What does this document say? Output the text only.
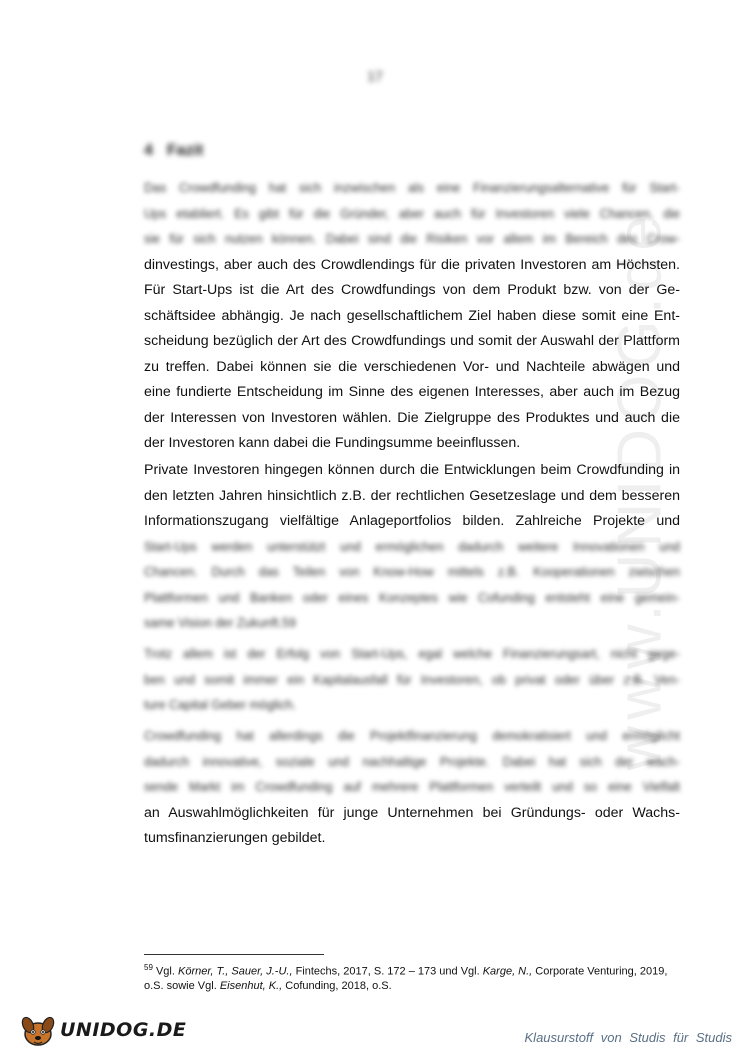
17
4 Fazit
www.UNIDOG.de
Das Crowdfunding hat sich inzwischen als eine Finanzierungsalternative für Start-
Ups etabliert. Es gibt für die Gründer, aber auch für Investoren viele Chancen, die
sie für sich nutzen können. Dabei sind die Risiken vor allem im Bereich des Crow-
dinvestings, aber auch des Crowdlendings für die privaten Investoren am Höchsten.
Für Start-Ups ist die Art des Crowdfundings von dem Produkt bzw. von der Ge-
schäftsidee abhängig. Je nach gesellschaftlichem Ziel haben diese somit eine Ent-
scheidung bezüglich der Art des Crowdfundings und somit der Auswahl der Plattform
zu treffen. Dabei können sie die verschiedenen Vor- und Nachteile abwägen und
eine fundierte Entscheidung im Sinne des eigenen Interesses, aber auch im Bezug
der Interessen von Investoren wählen. Die Zielgruppe des Produktes und auch die
der Investoren kann dabei die Fundingsumme beeinflussen.
Private Investoren hingegen können durch die Entwicklungen beim Crowdfunding in
den letzten Jahren hinsichtlich z.B. der rechtlichen Gesetzeslage und dem besseren
Informationszugang vielfältige Anlageportfolios bilden. Zahlreiche Projekte und
Start-Ups werden unterstützt und ermöglichen dadurch weitere Innovationen und
Chancen. Durch das Teilen von Know-How mittels z.B. Kooperationen zwischen
Plattformen und Banken oder eines Konzeptes wie Cofunding entsteht eine gemein-
same Vision der Zukunft.59
Trotz allem ist der Erfolg von Start-Ups, egal welche Finanzierungsart, nicht gege-
ben und somit immer ein Kapitalausfall für Investoren, ob privat oder über z.B. Ven-
ture Capital Geber möglich.
Crowdfunding hat allerdings die Projektfinanzierung demokratisiert und ermöglicht
dadurch innovative, soziale und nachhaltige Projekte. Dabei hat sich der wach-
sende Markt im Crowdfunding auf mehrere Plattformen verteilt und so eine Vielfalt
an Auswahlmöglichkeiten für junge Unternehmen bei Gründungs- oder Wachs-
tumsfinanzierungen gebildet.
$^{59}$ Vgl. Körner, T., Sauer, J.-U., Fintechs, 2017, S. 172 – 173 und Vgl. Karge, N., Corporate Venturing, 2019, o.S. sowie Vgl. Eisenhut, K., Cofunding, 2018, o.S.
UNIDOG.DE	Klausurstoff von Studis für Studis
